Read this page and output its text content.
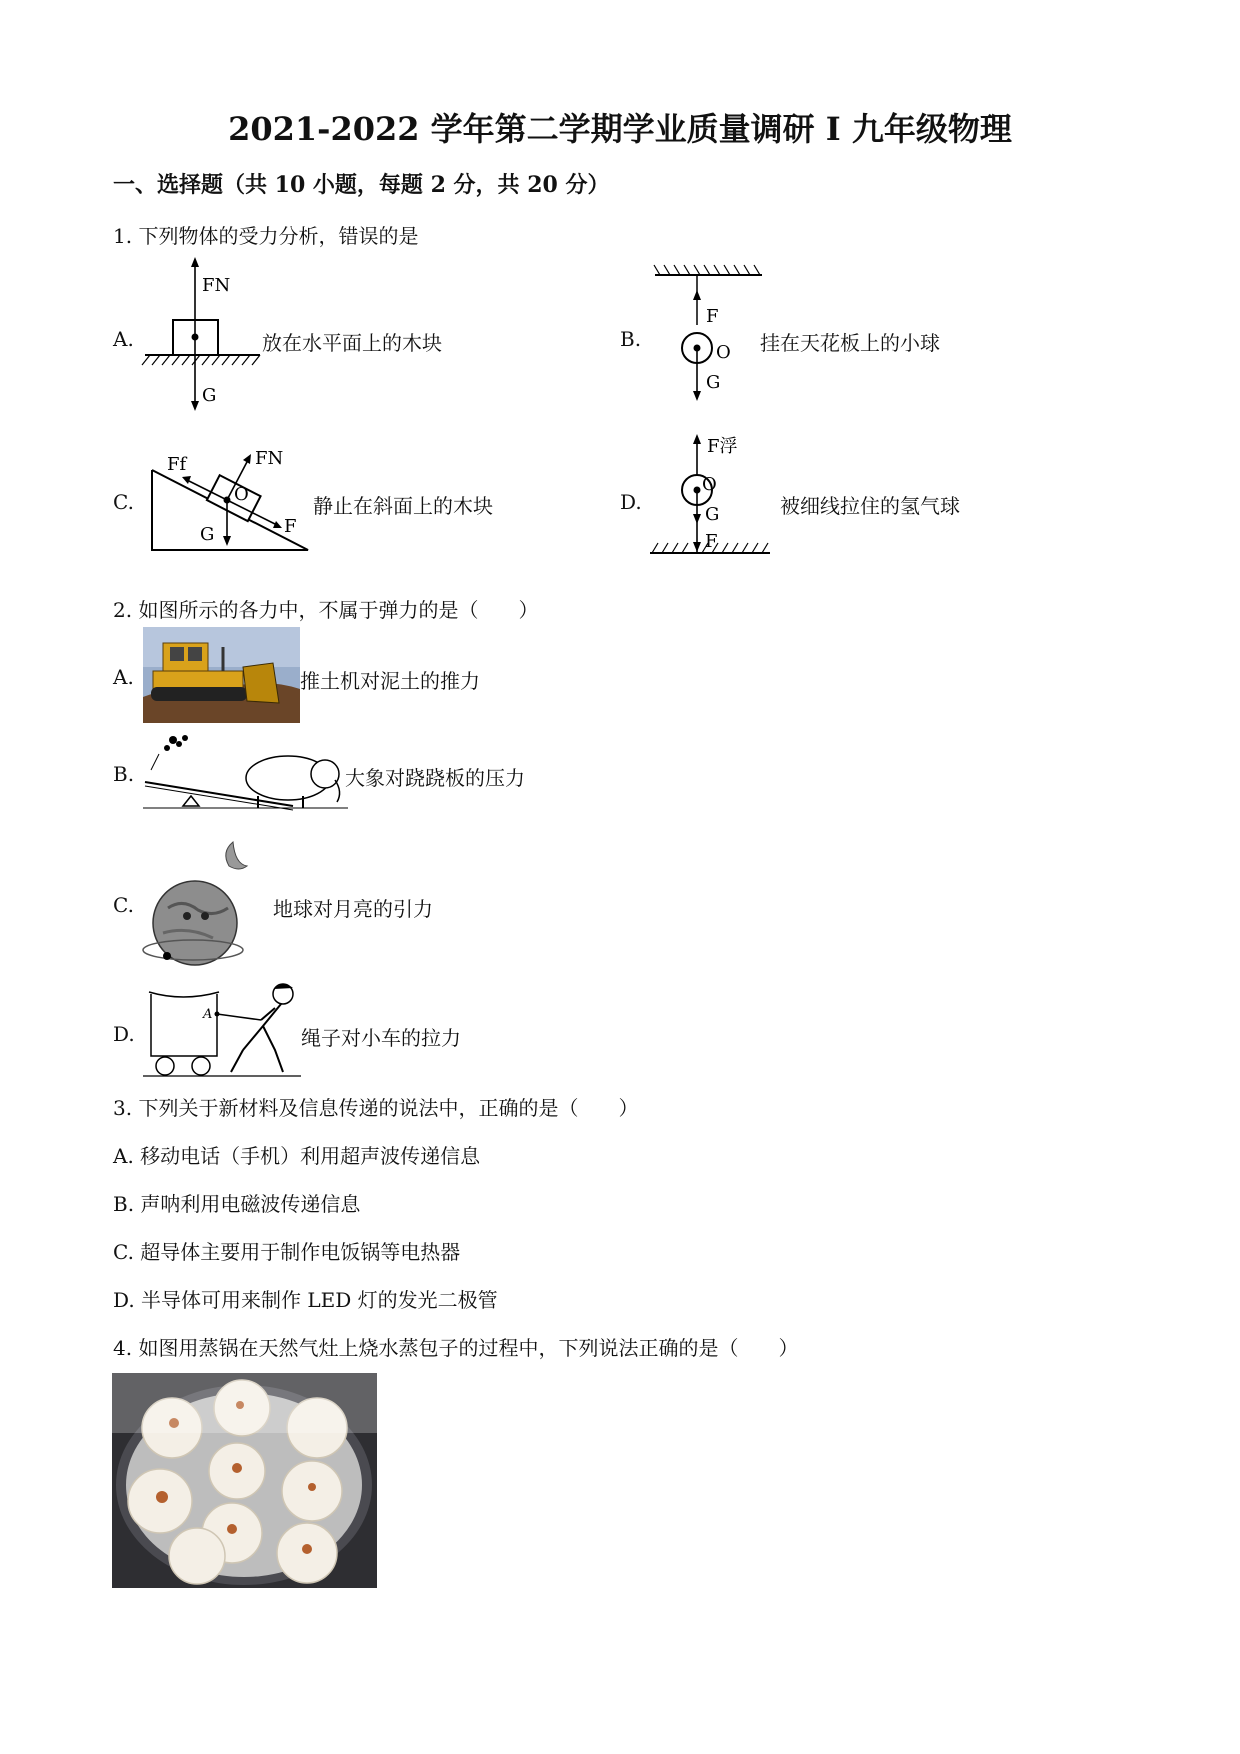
2021-2022 学年第二学期学业质量调研 I 九年级物理
一、选择题（共 10 小题，每题 2 分，共 20 分）
1. 下列物体的受力分析，错误的是
A.
FN
G
放在水平面上的木块	B.
F
O
G
挂在天花板上的小球
C.
Ff	FN
O
G	F
静止在斜面上的木块	D.
F浮
O
G
F
被细线拉住的氢气球
2. 如图所示的各力中，不属于弹力的是（　　）
A.	推土机对泥土的推力
B.	大象对跷跷板的压力
C.	地球对月亮的引力
D.
A
绳子对小车的拉力
3. 下列关于新材料及信息传递的说法中，正确的是（　　）
A. 移动电话（手机）利用超声波传递信息
B. 声呐利用电磁波传递信息
C. 超导体主要用于制作电饭锅等电热器
D. 半导体可用来制作 LED 灯的发光二极管
4. 如图用蒸锅在天然气灶上烧水蒸包子的过程中，下列说法正确的是（　　）
